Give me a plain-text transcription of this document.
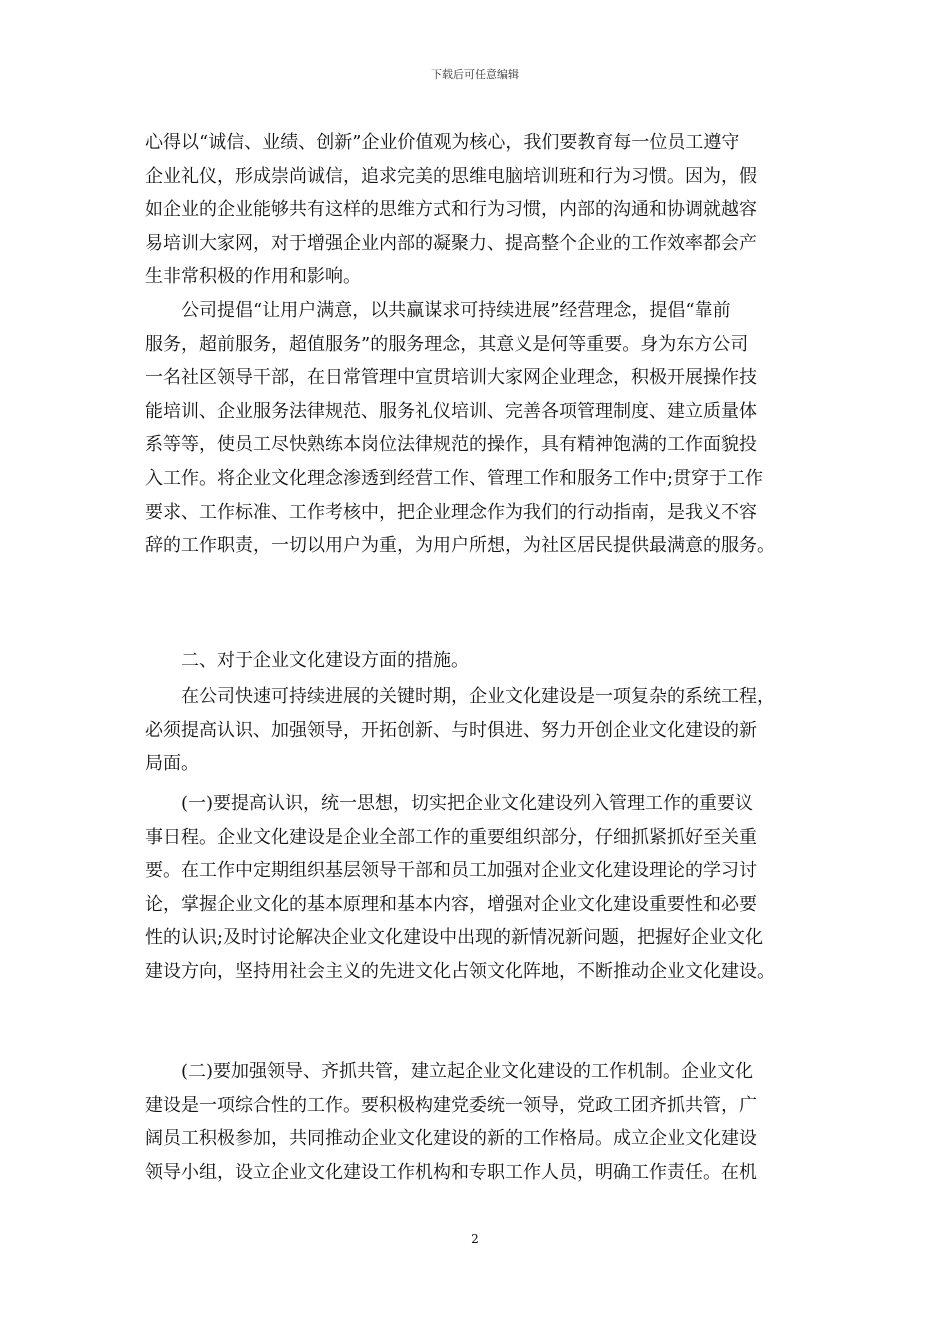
下载后可任意编辑
心得以“诚信、业绩、创新”企业价值观为核心，我们要教育每一位员工遵守
企业礼仪，形成崇尚诚信，追求完美的思维电脑培训班和行为习惯。因为，假
如企业的企业能够共有这样的思维方式和行为习惯，内部的沟通和协调就越容
易培训大家网，对于增强企业内部的凝聚力、提高整个企业的工作效率都会产
生非常积极的作用和影响。
　　公司提倡“让用户满意，以共赢谋求可持续进展”经营理念，提倡“靠前
服务，超前服务，超值服务”的服务理念，其意义是何等重要。身为东方公司
一名社区领导干部，在日常管理中宣贯培训大家网企业理念，积极开展操作技
能培训、企业服务法律规范、服务礼仪培训、完善各项管理制度、建立质量体
系等等，使员工尽快熟练本岗位法律规范的操作，具有精神饱满的工作面貌投
入工作。将企业文化理念渗透到经营工作、管理工作和服务工作中;贯穿于工作
要求、工作标准、工作考核中，把企业理念作为我们的行动指南，是我义不容
辞的工作职责，一切以用户为重，为用户所想，为社区居民提供最满意的服务。
　　二、对于企业文化建设方面的措施。
　　在公司快速可持续进展的关键时期，企业文化建设是一项复杂的系统工程，
必须提高认识、加强领导，开拓创新、与时俱进、努力开创企业文化建设的新
局面。
　　(一)要提高认识，统一思想，切实把企业文化建设列入管理工作的重要议
事日程。企业文化建设是企业全部工作的重要组织部分，仔细抓紧抓好至关重
要。在工作中定期组织基层领导干部和员工加强对企业文化建设理论的学习讨
论，掌握企业文化的基本原理和基本内容，增强对企业文化建设重要性和必要
性的认识;及时讨论解决企业文化建设中出现的新情况新问题，把握好企业文化
建设方向，坚持用社会主义的先进文化占领文化阵地，不断推动企业文化建设。
　　(二)要加强领导、齐抓共管，建立起企业文化建设的工作机制。企业文化
建设是一项综合性的工作。要积极构建党委统一领导，党政工团齐抓共管，广
阔员工积极参加，共同推动企业文化建设的新的工作格局。成立企业文化建设
领导小组，设立企业文化建设工作机构和专职工作人员，明确工作责任。在机
2
